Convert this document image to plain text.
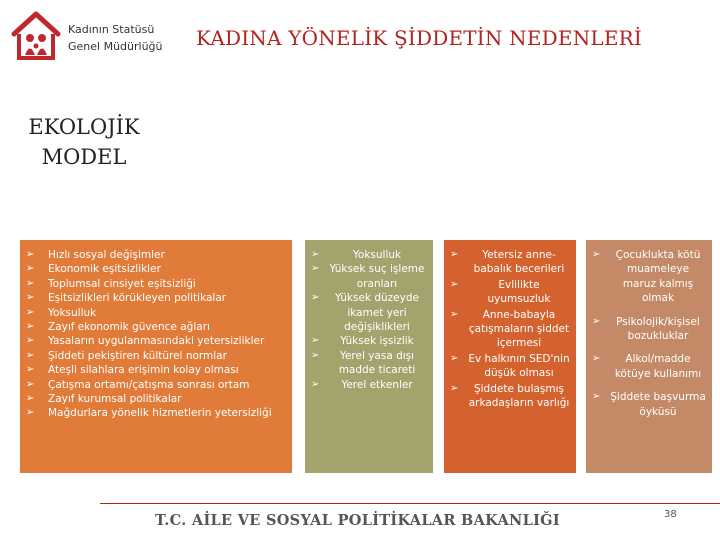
Kadının Statüsü
Genel Müdürlüğü KADINA YÖNELİK ŞİDDETİN NEDENLERİ
EKOLOJİK
MODEL
➢ Hızlı sosyal değişimler
➢ Ekonomik eşitsizlikler
➢ Toplumsal cinsiyet eşitsizliği
➢ Eşitsizlikleri körükleyen politikalar
➢ Yoksulluk
➢ Zayıf ekonomik güvence ağları
➢ Yasaların uygulanmasındaki yetersizlikler
➢ Şiddeti pekiştiren kültürel normlar
➢ Ateşli silahlara erişimin kolay olması
➢ Çatışma ortamı/çatışma sonrası ortam
➢ Zayıf kurumsal politikalar
➢ Mağdurlara yönelik hizmetlerin yetersizliği
➢ Yoksulluk
➢ Yüksek suç işleme oranları
➢ Yüksek düzeyde ikamet yeri değişiklikleri
➢ Yüksek işsizlik
➢ Yerel yasa dışı madde ticareti
➢ Yerel etkenler
➢ Yetersiz anne-babalık becerileri
➢ Evlilikte uyumsuzluk
➢ Anne-babayla çatışmaların şiddet içermesi
➢ Ev halkının SED'nin düşük olması
➢ Şiddete bulaşmış arkadaşların varlığı
➢ Çocuklukta kötü muameleye maruz kalmış olmak
➢ Psikolojik/kişisel bozukluklar
➢ Alkol/madde kötüye kullanımı
➢ Şiddete başvurma öyküsü
T.C. AİLE VE SOSYAL POLİTİKALAR BAKANLIĞI	38
